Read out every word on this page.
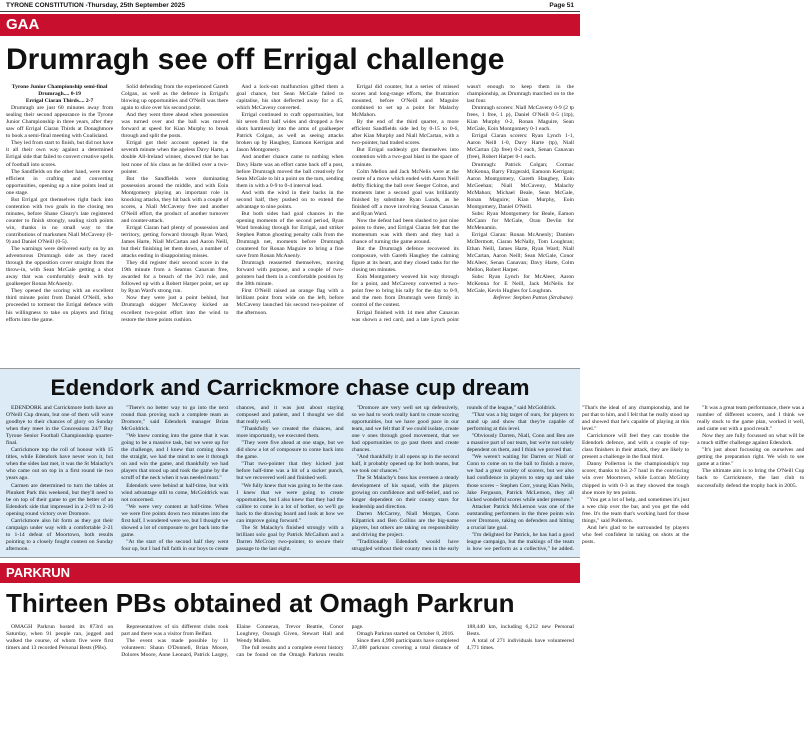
TYRONE CONSTITUTION -Thursday, 25th September 2025	Page 51
GAA
Drumragh see off Errigal challenge
Tyrone Junior Championship semi-final
Drumragh.... 0-19
Errigal Ciaran Thirds.... 2-7

Drumragh are just 60 minutes away from sealing their second appearance in the Tyrone Junior Championship in three years, after they saw off Errigal Ciaran Thirds at Donaghmore to book a semi-final meeting with Coalisland.

They led from start to finish, but did not have it all their own way against a determined Errigal side that failed to convert creative spells of football into scores.

The Sandfields on the other hand, were more efficient in crafting and converting opportunities, opening up a nine points lead at one stage.

But Errigal got themselves right back into contention with two goals in the closing ten minutes, before Shane Cleary's late registered counter to finish strongly, sealing sixth points win, thanks in no small way to the contributions of marksmen Niall McCaveny (0-9) and Daniel O'Neill (0-5).

The warnings were delivered early on by an adventurous Drumragh side as they raced through the opposition cover straight from the throw-in, with Sean McGale getting a shot away that was comfortably dealt with by goalkeeper Ronan McAnenly.

They opened the scoring with an excellent third minute point from Daniel O'Neill, who proceeded to torment the Errigal defence with his willingness to take on players and firing efforts into the game.

Solid defending from the experienced Gareth Colgan, as well as the defence in Errigal's blowing up opportunities and O'Neill was there again to slice over his second point.

And they went three ahead when possession was turned over and the ball was moved forward at speed for Kian Murphy to break through and split the posts.

Errigal got their account opened in the seventh minute when the ageless Davy Harte, a double All-Ireland winner, showed that he has lost none of his class as he drilled over a two-pointer.

But the Sandfields were dominating possession around the middle, and with Eoin Montgomery playing an important role in knocking attacks, they hit back with a couple of scores, a Niall McCaveny free and another O'Neill effort, the product of another turnover and counter-attack.

Errigal Ciaran had plenty of possession and territory, getting forward through Ryan Ward, James Harte, Niall McCartan and Aaron Neill, but their finishing let them down, a number of attacks ending in disappointing misses.

They did register their second score in the 19th minute from a Seamus Canavan free, awarded for a breach of the 3v3 rule, and followed up with a Robert Harper point, set up by Ryan Ward's strong run.

Now they were just a point behind, but Drumragh skipper McCaveny kicked an excellent two-point effort into the wind to restore the three points cushion.

And a lock-out malfunction gifted them a goal chance, but Sean McGale failed to capitalise, his shot deflected away for a 45, which McCaveny converted.

Errigal continued to craft opportunities, but hit seven first half wides and dropped a few shots harmlessly into the arms of goalkeeper Patrick Colgan, as well as seeing attacks broken up by Haughey, Eamonn Kerrigan and Jason Montgomery.

And another chance came to nothing when Davy Harte was an effort came back off a post, before Drumragh moved the ball creatively for Sean McGale to hit a point on the turn, sending them in with a 0-9 to 0-4 interval lead.

And with the wind in their backs in the second half, they pushed on to extend the advantage to nine points.

But both sides had goal chances in the opening moments of the second period, Ryan Ward breaking through for Errigal, and striker Stephen Patton ghosting penalty calls from the Drumragh net, moments before Drumragh countered for Ronan Maguire to bring a fine save from Ronan McAnenly.

Drumragh reasserted themselves, moving forward with purpose, and a couple of two-pointers had them in a comfortable position by the 38th minute.

First O'Neill raised an orange flag with a brilliant point from wide on the left, before McCaveny launched his second two-pointer of the afternoon.

Errigal did counter, but a series of missed scores and long-range efforts, the frustration mounted, before O'Neill and Maguire combined to set up a point for Malachy McMahon.

By the end of the third quarter, a more efficient Sandfields side led by 0-15 to 0-6, after Kian Murphy and Niall McCartan, with a two-pointer, had traded scores.

But Errigal suddenly got themselves into contention with a two-goal blast in the space of a minute.

Colm Mellon and Jack McNelis were at the centre of a move which ended with Aaron Neill deftly flicking the ball over Seeger Colton, and moments later a second goal was brilliantly finished by substitute Ryan Lunds, as he finished off a move involving Seanan Canavan and Ryan Ward.

Now the defeat had been slashed to just nine points to three, and Errigal Ciaran felt that the momentum was with them and they had a chance of turning the game around.

But the Drumragh defence recovered its composure, with Gareth Haughey the calming figure at its heart, and they closed tasks for the closing ten minutes.

Eoin Montgomery weaved his way through for a point, and McCaveny converted a two-point free to bring his tally for the day to 0-9, and the men from Drumragh were firmly in control of the contest.

Errigal finished with 14 men after Canavan was shown a red card, and a late Lynch point wasn't enough to keep them in the championship, as Drumragh marched on to the last four.

Drumragh scorers: Niall McCaveny 0-9 (2 tp frees, 1 free, 1 p), Daniel O'Neill 0-5 (1tp), Kian Murphy 0-2, Ronan Maguire, Sean McGale, Eoin Montgomery 0-1 each.

Errigal Ciaran scorers: Ryan Lynch 1-1, Aaron Neill 1-0, Davy Harte (tp), Niall McCartan (2p free) 0-2 each, Senan Canavan (free), Robert Harper 0-1 each.

Drumragh: Patrick Colgan; Cormac McKenna, Barry Fitzgerald, Eamonn Kerrigan; Aaron Montgomery, Gareth Haughey, Eoin McGeehan; Niall McCaveny, Malachy McMahon; Michael Beale, Sean McGale, Ronan Maguire; Kian Murphy, Eoin Montgomery, Daniel O'Neill.

Subs: Ryan Montgomery for Beale, Eamon McCann for McGale, Oran Devlin for McMenamin.

Errigal Ciaran: Ronan McAnenly; Damien McDermott, Ciaran McNally, Tom Loughran; Ethan Neill, James Harte, Ryan Ward; Niall McCartan, Aaron Neill; Sean McGale, Conor McAleer, Senan Canavan; Davy Harte, Colm Mellon, Robert Harper.

Subs: Ryan Lynch for McAleer, Aaron McKenna for E Neill, Jack McNelis for McGale, Kevin Hughes for Loughran.

Referee: Stephen Patton (Strabane).

Edendork and Carrickmore chase cup dream

EDENDORK and Carrickmore both have an O'Neill Cup dream, but one of them will wave goodbye to their chances of glory on Sunday when they meet in the Concessions 24/7 Buy Tyrone Senior Football Championship quarter-final.

Carrickmore top the roll of honour with 15 titles, while Edendork have never won it, but when the sides last met, it was the St Malachy's who came out on top in a first round tie two years ago.

Carmen are determined to turn the tables at Plunkett Park this weekend, but they'll need to be on top of their game to get the better of an Edendork side that impressed in a 2-19 to 2-16 opening round victory over Dromore.

Carrickmore also hit form as they got their campaign under way with a comfortable 2-21 to 1-14 defeat of Moortown, both results pointing to a closely fought contest on Sunday afternoon.

"There's no better way to go into the next round than proving such a complete team as Dromore," said Edendork manager Brian McGoldrick.

"We knew coming into the game that it was going to be a massive task, but we were up for the challenge, and I knew that coming down the straight, we had the mind to see it through on and win the game, and thankfully we had players that stood up and took the game by the scruff of the neck when it was needed most."

Edendork were behind at half-time, but with wind advantage still to come, McGoldrick was not concerned.

"We were very content at half-time. When we were five points down two minutes into the first half, I wondered were we, but I thought we showed a lot of composure to get back into the game.

"At the start of the second half they went four up, but I had full faith in our boys to create chances, and it was just about staying composed and patient, and I thought we did that really well.

"Thankfully we created the chances, and more importantly, we executed them.

"They were five ahead at one stage, but we did show a lot of composure to come back into the game.

"That two-pointer that they kicked just before half-time was a bit of a sucker punch, but we recovered well and finished well.

"We fully knew that was going to be the case. I knew that we were going to create opportunities, but I also knew that they had the calibre to come in a lot of bother, so we'll go back to the drawing board and look at how we can improve going forward."

The St Malachy's finished strongly with a brilliant solo goal by Patrick McCallum and a Darren McCrory two-pointer, to secure their passage to the last eight.

"Dromore are very well set up defensively, so we had to work really hard to create scoring opportunities, but we have good pace in our team, and we felt that if we could isolate, create one v ones through good movement, that we had opportunities to go past them and create chances.

"And thankfully it all opens up in the second half, it probably opened up for both teams, but we took our chances."

The St Malachy's boss has overseen a steady development of his squad, with the players growing on confidence and self-belief, and no longer dependent on their county stars for leadership and direction.

Darren McCarrey, Niall Morgan, Conn Kilpatrick and Ben Collins are the big-name players, but others are taking on responsibility and driving the project.

"Traditionally Edendork would have struggled without their county men in the early rounds of the league," said McGoldrick.

"That was a big target of ours, for players to stand up and show that they're capable of performing at this level.

"Obviously Darren, Niall, Conn and Ben are a massive part of our team, but we're not solely dependent on them, and I think we proved that.

"We weren't waiting for Darren or Niall or Conn to come on to the ball to finish a move, we had a great variety of scorers, but we also had confidence in players to step up and take those scores – Stephen Corr, young Kian Nelis, Jake Ferguson, Patrick McLernon, they all kicked wonderful scores while under pressure."

Attacker Patrick McLernon was one of the outstanding performers in the three points win over Dromore, taking on defenders and hitting a crucial late goal.

"I'm delighted for Patrick, he has had a good league campaign, but the makings of the team is how we perform as a collective," he added. "That's the ideal of any championship, and he put that to him, and I felt that he really stood up and showed that he's capable of playing at this level."

Carrickmore will feel they can trouble the Edendork defence, and with a couple of top-class finishers in their attack, they are likely to present a challenge in the final third.

Danny Pollerton is the championship's top scorer, thanks to his 2-7 haul in the convincing win over Moortown, while Lorcan McGinty chipped in with 0-3 as they showed the tough shoe more by ten points.

"You get a lot of help, and sometimes it's just a wee chip over the bar, and you get the odd free. It's the team that's working hard for those things," said Pollerton.

And he's glad to be surrounded by players who feel confident in taking on shots at the posts.

"It was a great team performance, there was a number of different scorers, and I think we really stuck to the game plan, worked it well, and came out with a good result."

Now they are fully focussed on what will be a much stiffer challenge against Edendork.

"It's just about focussing on ourselves and getting the preparation right. We wish to see game at a time."

The ultimate aim is to bring the O'Neill Cup back to Carrickmore, the last club to successfully defend the trophy back in 2005.

PARKRUN
Thirteen PBs obtained at Omagh Parkrun

OMAGH Parkrun hosted its 873rd on Saturday, when 91 people ran, jogged and walked the course, of whom five were first timers and 13 recorded Personal Bests (PBs).

Representatives of six different clubs took part and there was a visitor from Belfast.

The event was made possible by 11 volunteers: Shaun O'Donnell, Brian Moore, Dolores Moore, Anne Leonard, Patrick Largey, Elaine Conneran, Trevor Beattie, Conor Loughrey, Oonagh Given, Stewart Hall and Wendy Mullen.

The full results and a complete event history can be found on the Omagh Parkrun results page.

Omagh Parkrun started on October 8, 2016.

Since then 4,990 participants have completed 37,488 parkruns covering a total distance of 188,440 km, including 6,212 new Personal Bests.

A total of 271 individuals have volunteered 4,771 times.
